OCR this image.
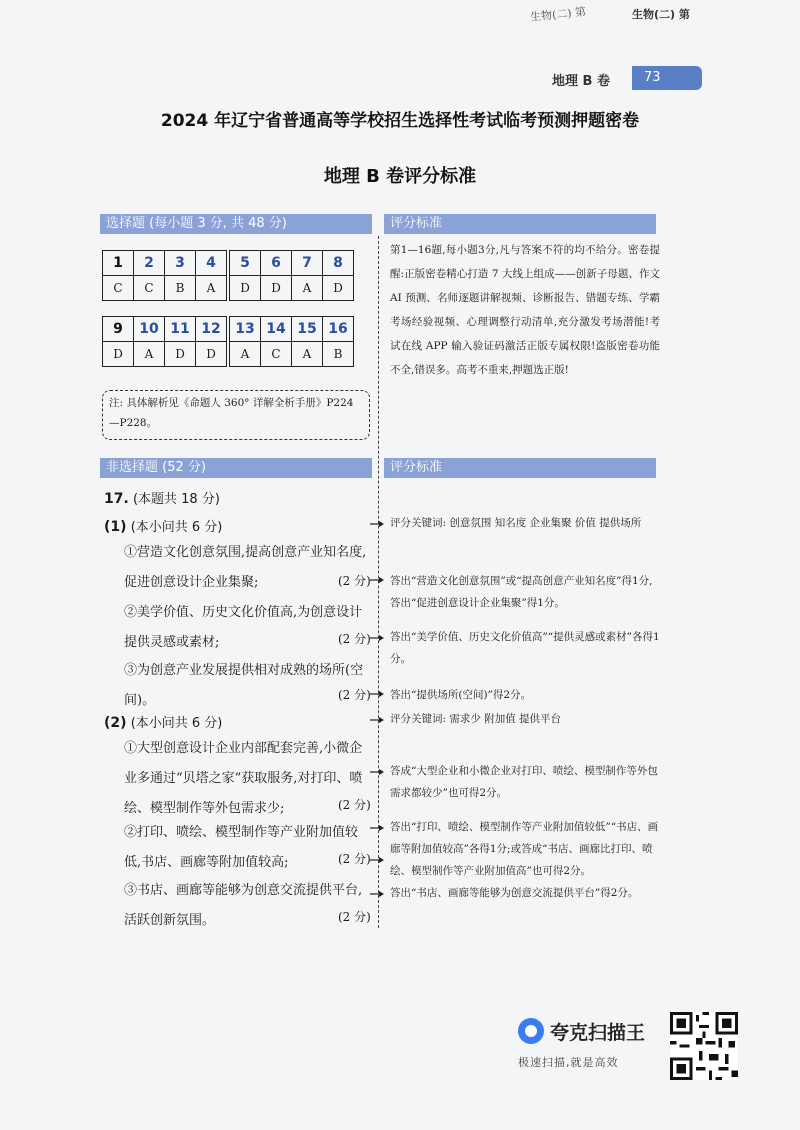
生物(二) 第	生物(二) 第
地理 B 卷	73
2024 年辽宁省普通高等学校招生选择性考试临考预测押题密卷
地理 B 卷评分标准
选择题 (每小题 3 分, 共 48 分)	评分标准
1	2	3	4
C	C	B	A
5	6	7	8
D	D	A	D
9	10	11	12
D	A	D	D
13	14	15	16
A	C	A	B
注: 具体解析见《命题人 360° 详解全析手册》P224—P228。
第1—16题,每小题3分,凡与答案不符的均不给分。密卷提醒:正版密卷精心打造 7 大线上组成——创新子母题、作文 AI 预测、名师逐题讲解视频、诊断报告、错题专练、学霸考场经验视频、心理调整行动清单,充分激发考场潜能!考试在线 APP 输入验证码激活正版专属权限!盗版密卷功能不全,错误多。高考不重来,押题选正版!
非选择题 (52 分)	评分标准
17. (本题共 18 分)
(1) (本小问共 6 分)	评分关键词: 创意氛围 知名度 企业集聚 价值 提供场所
①营造文化创意氛围,提高创意产业知名度,促进创意设计企业集聚;	(2 分) 答出“营造文化创意氛围”或“提高创意产业知名度”得1分,答出“促进创意设计企业集聚”得1分。
②美学价值、历史文化价值高,为创意设计提供灵感或素材;	(2 分) 答出“美学价值、历史文化价值高”“提供灵感或素材”各得1分。
③为创意产业发展提供相对成熟的场所(空间)。	(2 分) 答出“提供场所(空间)”得2分。
(2) (本小问共 6 分)	评分关键词: 需求少 附加值 提供平台
①大型创意设计企业内部配套完善,小微企业多通过“贝塔之家”获取服务,对打印、喷绘、模型制作等外包需求少;	(2 分)
答成“大型企业和小微企业对打印、喷绘、模型制作等外包需求都较少”也可得2分。
②打印、喷绘、模型制作等产业附加值较低,书店、画廊等附加值较高;	(2 分)
答出“打印、喷绘、模型制作等产业附加值较低”“书店、画廊等附加值较高”各得1分;或答成“书店、画廊比打印、喷绘、模型制作等产业附加值高”也可得2分。
③书店、画廊等能够为创意交流提供平台,活跃创新氛围。	(2 分)
答出“书店、画廊等能够为创意交流提供平台”得2分。
夸克扫描王
极速扫描,就是高效
